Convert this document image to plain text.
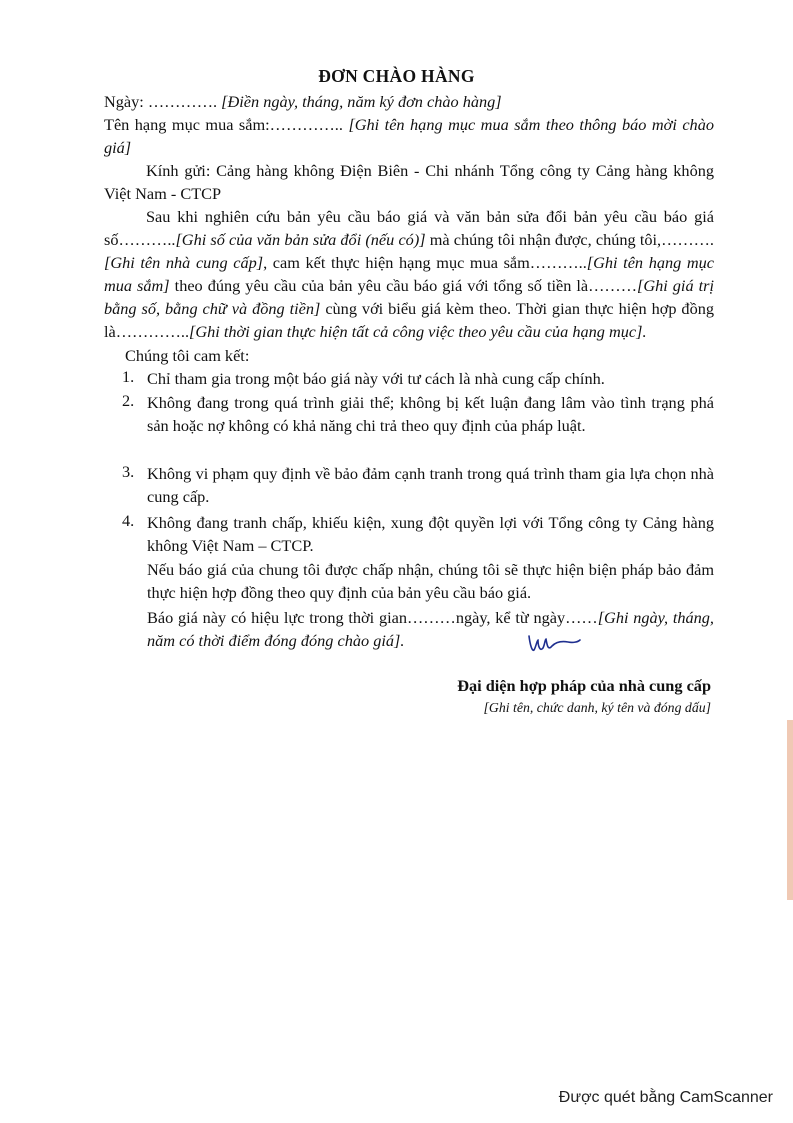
ĐƠN CHÀO HÀNG
Ngày: …………. [Điền ngày, tháng, năm ký đơn chào hàng]
Tên hạng mục mua sắm:………….. [Ghi tên hạng mục mua sắm theo thông báo mời chào giá]
Kính gửi: Cảng hàng không Điện Biên - Chi nhánh Tổng công ty Cảng hàng không Việt Nam - CTCP
Sau khi nghiên cứu bản yêu cầu báo giá và văn bản sửa đổi bản yêu cầu báo giá số………..[Ghi số của văn bản sửa đổi (nếu có)] mà chúng tôi nhận được, chúng tôi,………. [Ghi tên nhà cung cấp], cam kết thực hiện hạng mục mua sắm………..[Ghi tên hạng mục mua sắm] theo đúng yêu cầu của bản yêu cầu báo giá với tổng số tiền là………[Ghi giá trị bằng số, bằng chữ và đồng tiền] cùng với biểu giá kèm theo. Thời gian thực hiện hợp đồng là…………..[Ghi thời gian thực hiện tất cả công việc theo yêu cầu của hạng mục].
Chúng tôi cam kết:
1. Chỉ tham gia trong một báo giá này với tư cách là nhà cung cấp chính.
2. Không đang trong quá trình giải thể; không bị kết luận đang lâm vào tình trạng phá sản hoặc nợ không có khả năng chi trả theo quy định của pháp luật.
3. Không vi phạm quy định về bảo đảm cạnh tranh trong quá trình tham gia lựa chọn nhà cung cấp.
4. Không đang tranh chấp, khiếu kiện, xung đột quyền lợi với Tổng công ty Cảng hàng không Việt Nam – CTCP.
Nếu báo giá của chung tôi được chấp nhận, chúng tôi sẽ thực hiện biện pháp bảo đảm thực hiện hợp đồng theo quy định của bản yêu cầu báo giá.
Báo giá này có hiệu lực trong thời gian………ngày, kể từ ngày……[Ghi ngày, tháng, năm có thời điểm đóng đóng chào giá].
Đại diện hợp pháp của nhà cung cấp
[Ghi tên, chức danh, ký tên và đóng dấu]
Được quét bằng CamScanner
